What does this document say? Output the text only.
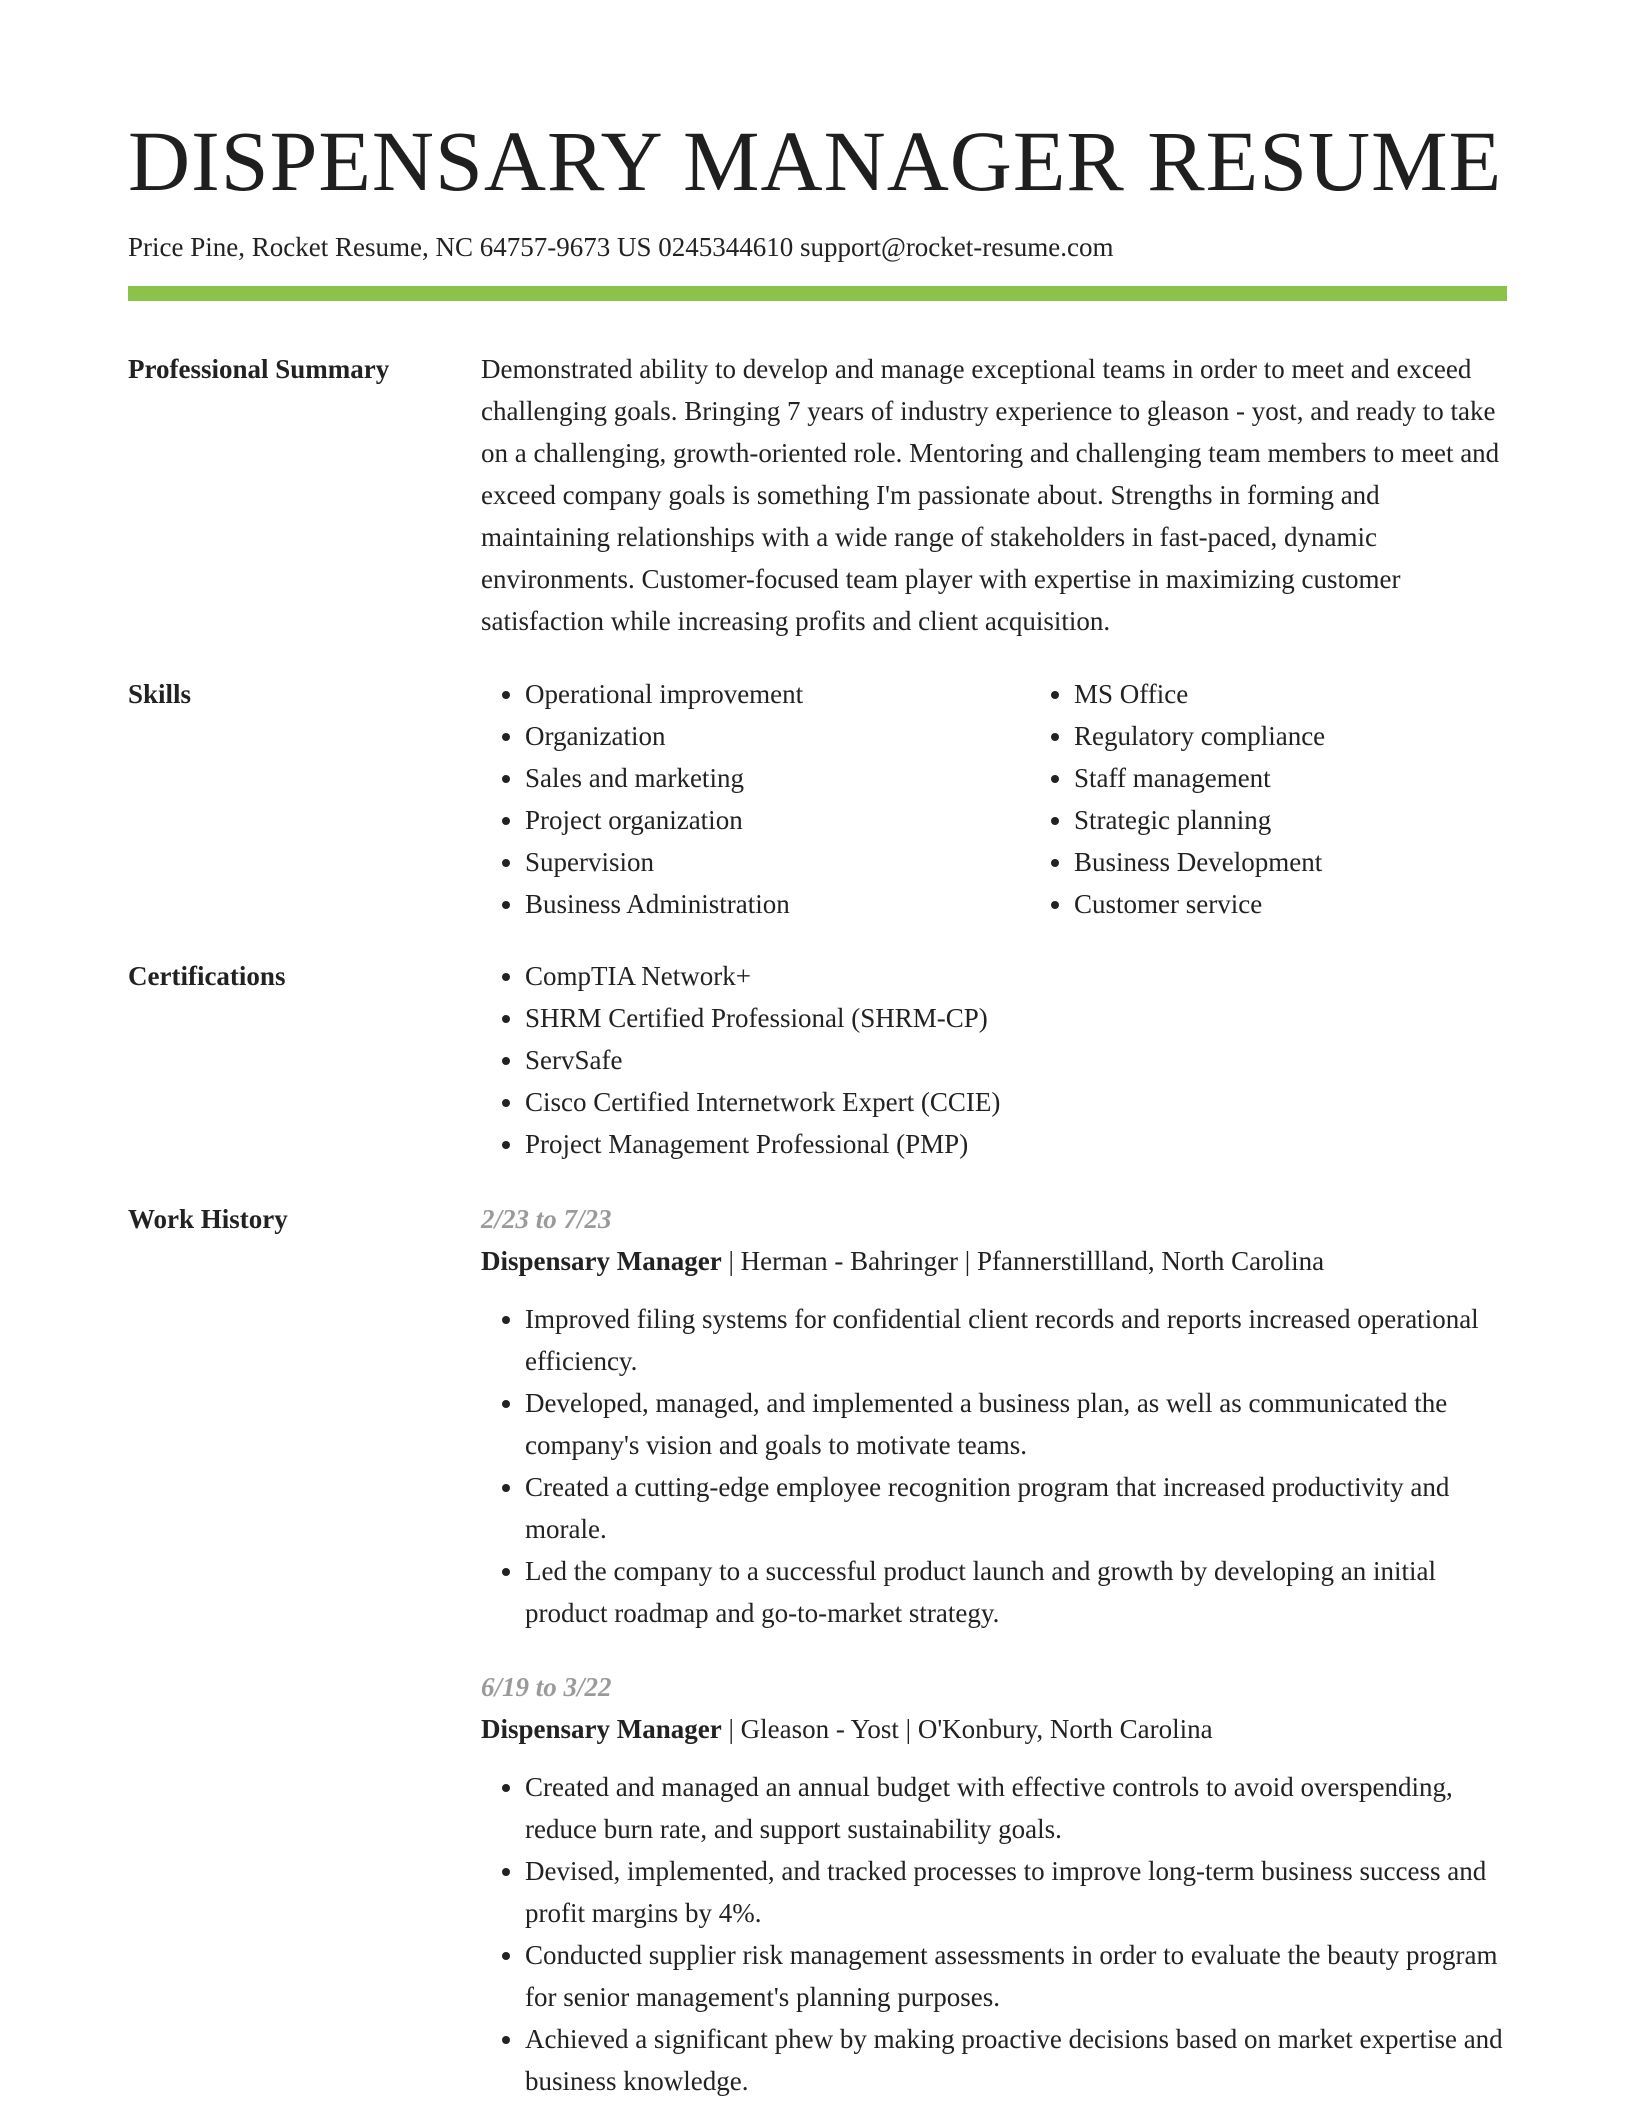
DISPENSARY MANAGER RESUME
Price Pine, Rocket Resume, NC 64757-9673 US 0245344610 support@rocket-resume.com
Professional Summary	Demonstrated ability to develop and manage exceptional teams in order to meet and exceed challenging goals. Bringing 7 years of industry experience to gleason - yost, and ready to take on a challenging, growth-oriented role. Mentoring and challenging team members to meet and exceed company goals is something I'm passionate about. Strengths in forming and maintaining relationships with a wide range of stakeholders in fast-paced, dynamic environments. Customer-focused team player with expertise in maximizing customer satisfaction while increasing profits and client acquisition.

Skills	• Operational improvement
• Organization
• Sales and marketing
• Project organization
• Supervision
• Business Administration
• MS Office
• Regulatory compliance
• Staff management
• Strategic planning
• Business Development
• Customer service
Certifications	• CompTIA Network+
• SHRM Certified Professional (SHRM-CP)
• ServSafe
• Cisco Certified Internetwork Expert (CCIE)
• Project Management Professional (PMP)
Work History	2/23 to 7/23
Dispensary Manager | Herman - Bahringer | Pfannerstillland, North Carolina
• Improved filing systems for confidential client records and reports increased operational efficiency.
• Developed, managed, and implemented a business plan, as well as communicated the company's vision and goals to motivate teams.
• Created a cutting-edge employee recognition program that increased productivity and morale.
• Led the company to a successful product launch and growth by developing an initial product roadmap and go-to-market strategy.
6/19 to 3/22
Dispensary Manager | Gleason - Yost | O'Konbury, North Carolina
• Created and managed an annual budget with effective controls to avoid overspending, reduce burn rate, and support sustainability goals.
• Devised, implemented, and tracked processes to improve long-term business success and profit margins by 4%.
• Conducted supplier risk management assessments in order to evaluate the beauty program for senior management's planning purposes.
• Achieved a significant phew by making proactive decisions based on market expertise and business knowledge.
